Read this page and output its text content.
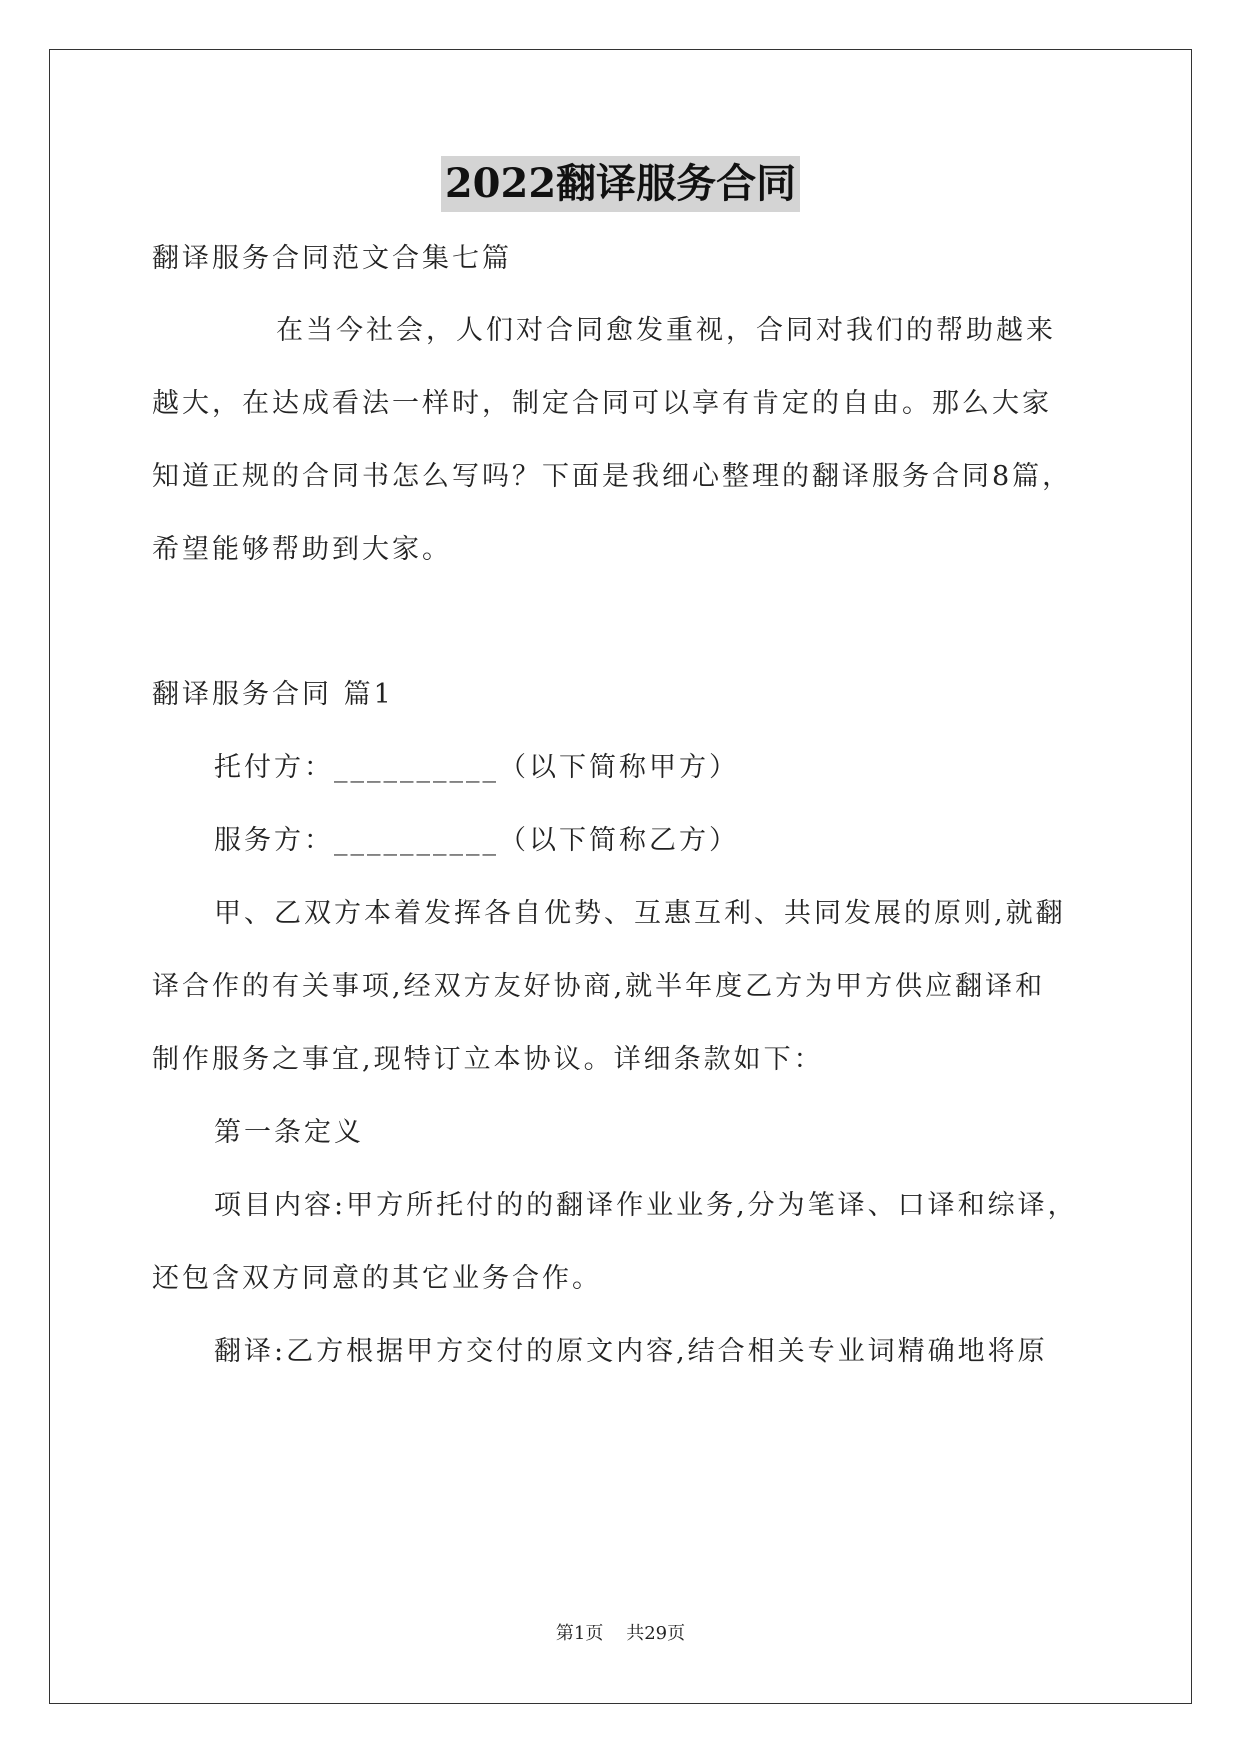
2022翻译服务合同
翻译服务合同范文合集七篇
在当今社会，人们对合同愈发重视，合同对我们的帮助越来
越大，在达成看法一样时，制定合同可以享有肯定的自由。那么大家
知道正规的合同书怎么写吗？下面是我细心整理的翻译服务合同8篇，
希望能够帮助到大家。
翻译服务合同 篇1
托付方：__________（以下简称甲方）
服务方：__________（以下简称乙方）
甲、乙双方本着发挥各自优势、互惠互利、共同发展的原则,就翻
译合作的有关事项,经双方友好协商,就半年度乙方为甲方供应翻译和
制作服务之事宜,现特订立本协议。详细条款如下：
第一条定义
项目内容:甲方所托付的的翻译作业业务,分为笔译、口译和综译，
还包含双方同意的其它业务合作。
翻译:乙方根据甲方交付的原文内容,结合相关专业词精确地将原
第1页    共29页
